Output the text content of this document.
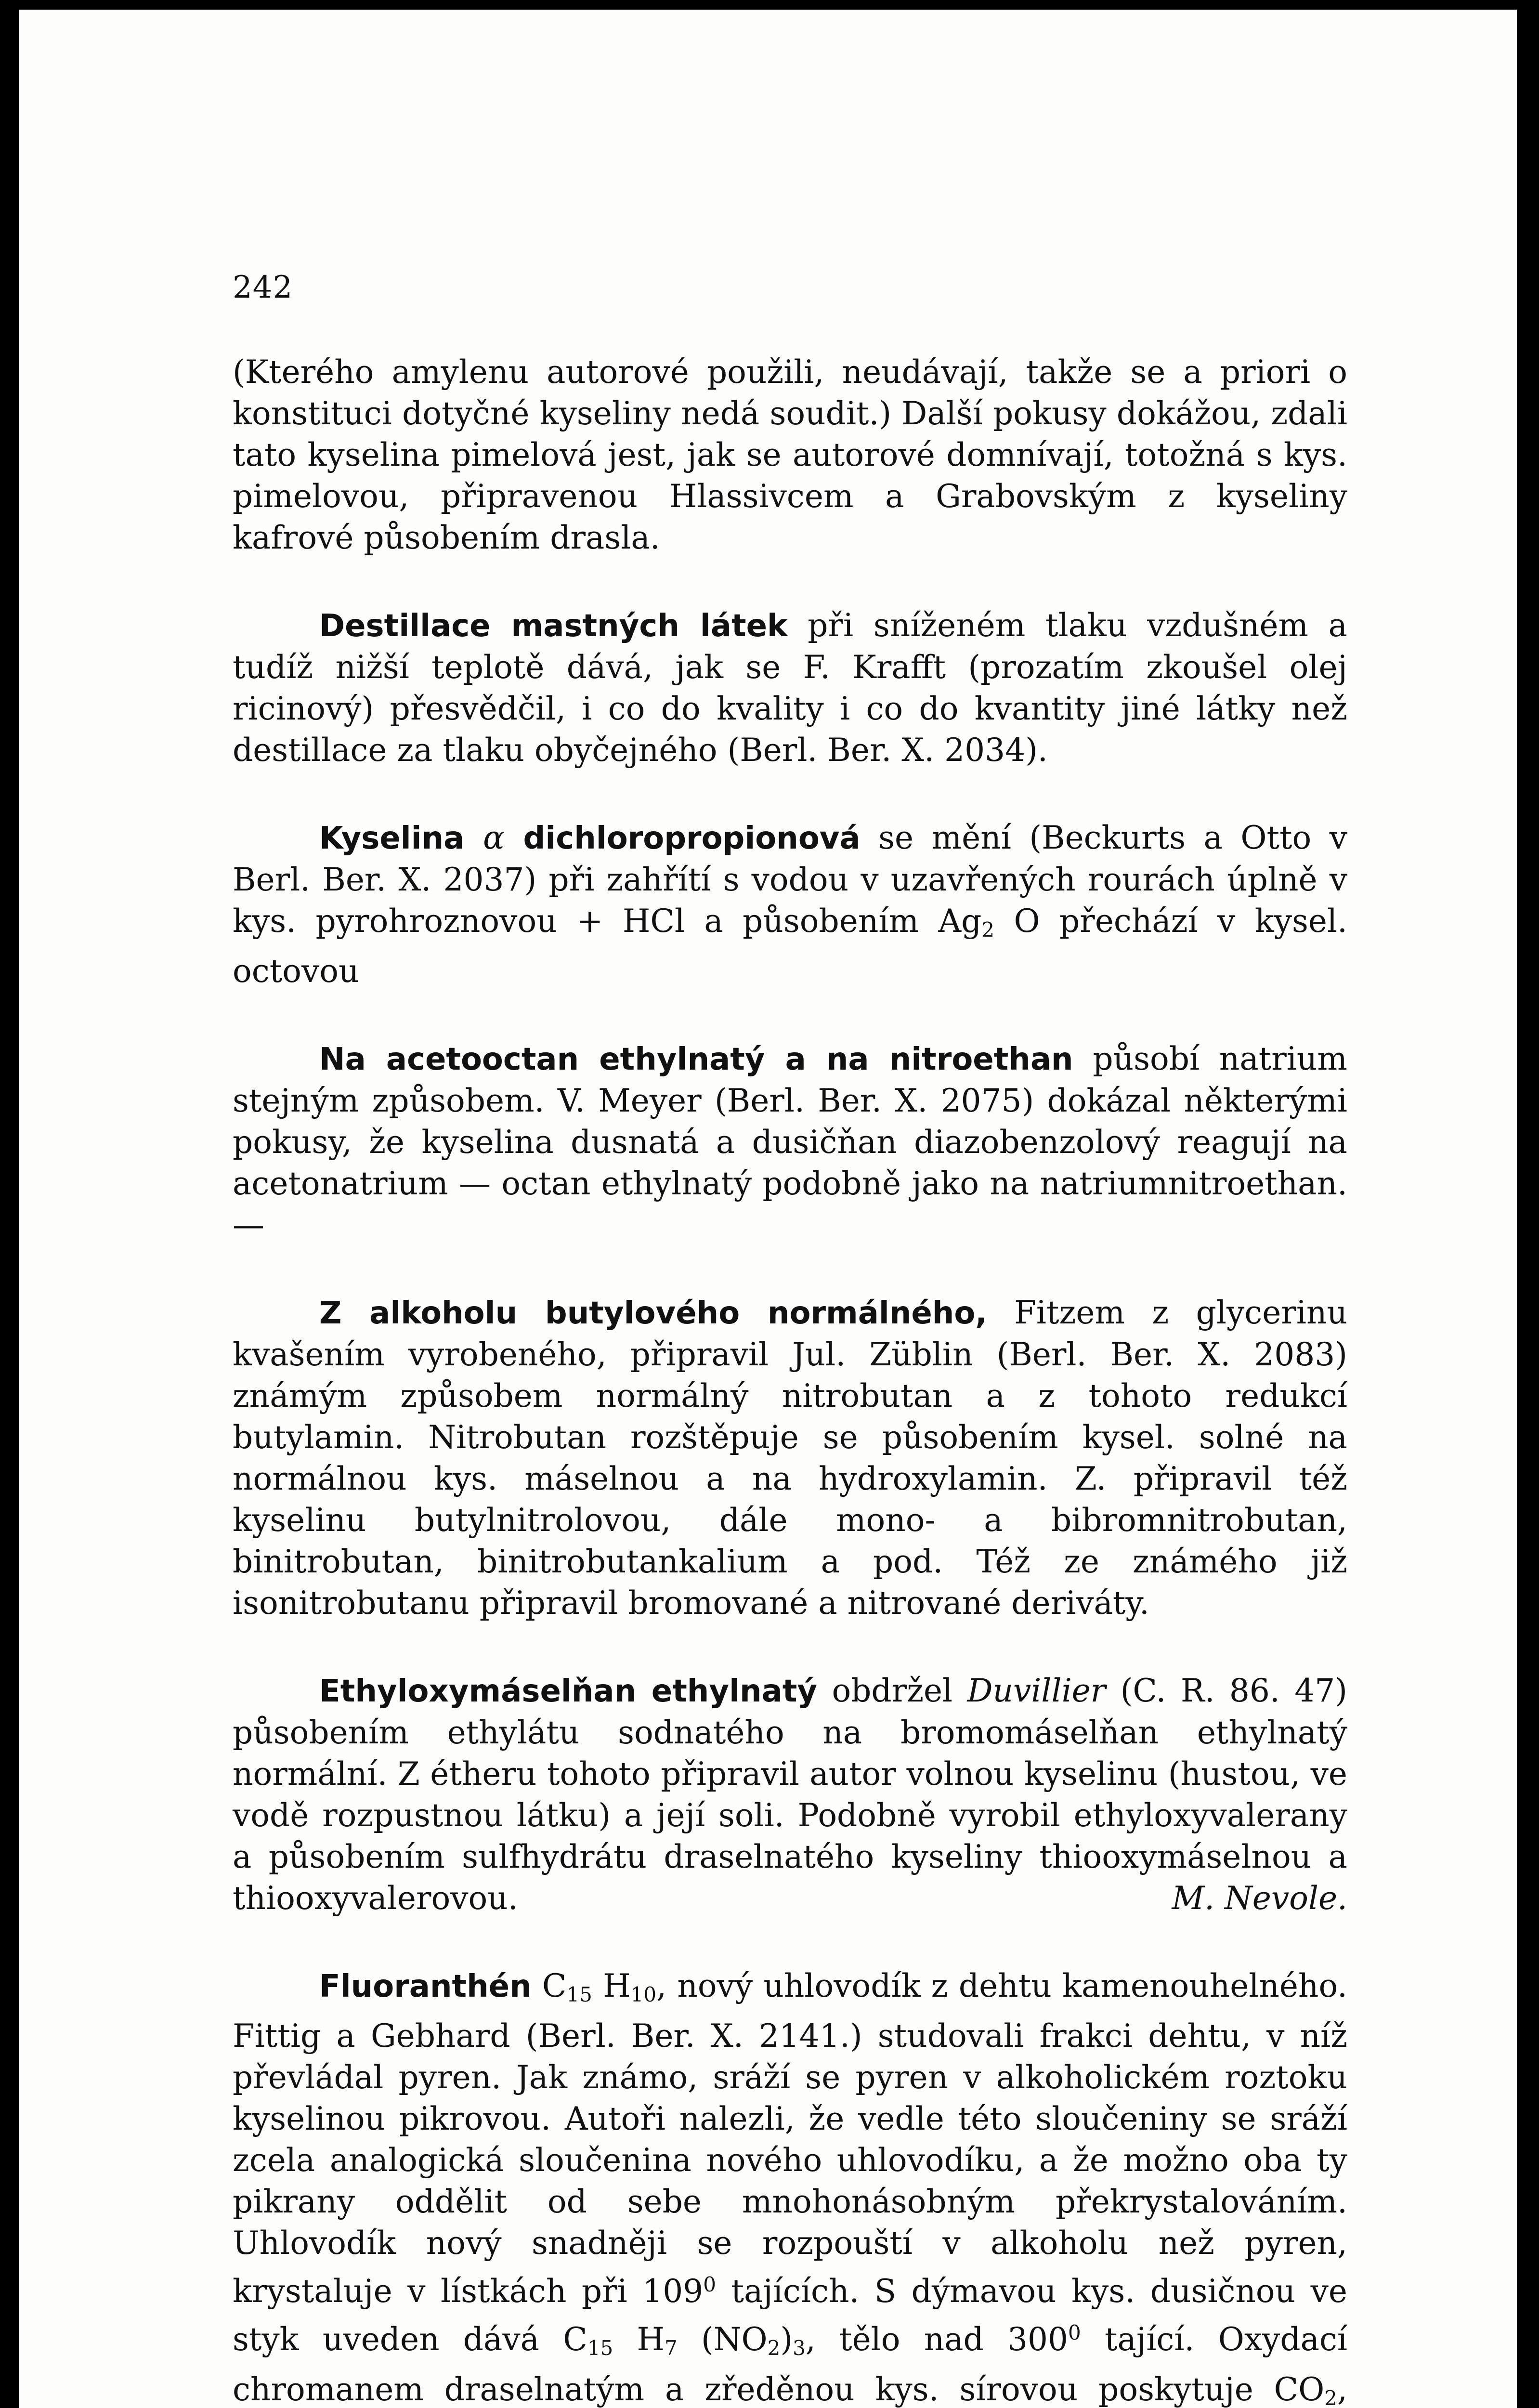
242

(Kterého amylenu autorové použili, neudávají, takže se a priori o konstituci dotyčné kyseliny nedá soudit.) Další pokusy dokážou, zdali tato kyselina pimelová jest, jak se autorové domnívají, totožná s kys. pimelovou, připravenou Hlassivcem a Grabovským z kyseliny kafrové působením drasla.

Destillace mastných látek při sníženém tlaku vzdušném a tudíž nižší teplotě dává, jak se F. Krafft (prozatím zkoušel olej ricinový) přesvědčil, i co do kvality i co do kvantity jiné látky než destillace za tlaku obyčejného (Berl. Ber. X. 2034).

Kyselina α dichloropropionová se mění (Beckurts a Otto v Berl. Ber. X. 2037) při zahřítí s vodou v uzavřených rourách úplně v kys. pyrohroznovou + HCl a působením $Ag_2$ O přechází v kysel. octovou

Na acetooctan ethylnatý a na nitroethan působí natrium stejným způsobem. V. Meyer (Berl. Ber. X. 2075) dokázal některými pokusy, že kyselina dusnatá a dusičňan diazobenzolový reagují na acetonatrium — octan ethylnatý podobně jako na natriumnitroethan. —

Z alkoholu butylového normálného, Fitzem z glycerinu kvašením vyrobeného, připravil Jul. Züblin (Berl. Ber. X. 2083) známým způsobem normálný nitrobutan a z tohoto redukcí butylamin. Nitrobutan rozštěpuje se působením kysel. solné na normálnou kys. máselnou a na hydroxylamin. Z. připravil též kyselinu butylnitrolovou, dále mono- a bibromnitrobutan, binitrobutan, binitrobutankalium a pod. Též ze známého již isonitrobutanu připravil bromované a nitrované deriváty.

Ethyloxymáselňan ethylnatý obdržel Duvillier (C. R. 86. 47) působením ethylátu sodnatého na bromomáselňan ethylnatý normální. Z étheru tohoto připravil autor volnou kyselinu (hustou, ve vodě rozpustnou látku) a její soli. Podobně vyrobil ethyloxyvalerany a působením sulfhydrátu draselnatého kyseliny thiooxymáselnou a thiooxyvalerovou.	M. Nevole.

Fluoranthén $C_{15}$ $H_{10}$, nový uhlovodík z dehtu kamenouhelného. Fittig a Gebhard (Berl. Ber. X. 2141.) studovali frakci dehtu, v níž převládal pyren. Jak známo, sráží se pyren v alkoholickém roztoku kyselinou pikrovou. Autoři nalezli, že vedle této sloučeniny se sráží zcela analogická sloučenina nového uhlovodíku, a že možno oba ty pikrany oddělit od sebe mnohonásobným překrystalováním. Uhlovodík nový snadněji se rozpouští v alkoholu než pyren, krystaluje v lístkách při $109^0$ tajících. S dýmavou kys. dusičnou ve styk uveden dává $C_{15}$ $H_7$ $(NO_2)_3$, tělo nad $300^0$ tající. Oxydací chromanem draselnatým a zředěnou kys. sírovou poskytuje $CO_2$,
